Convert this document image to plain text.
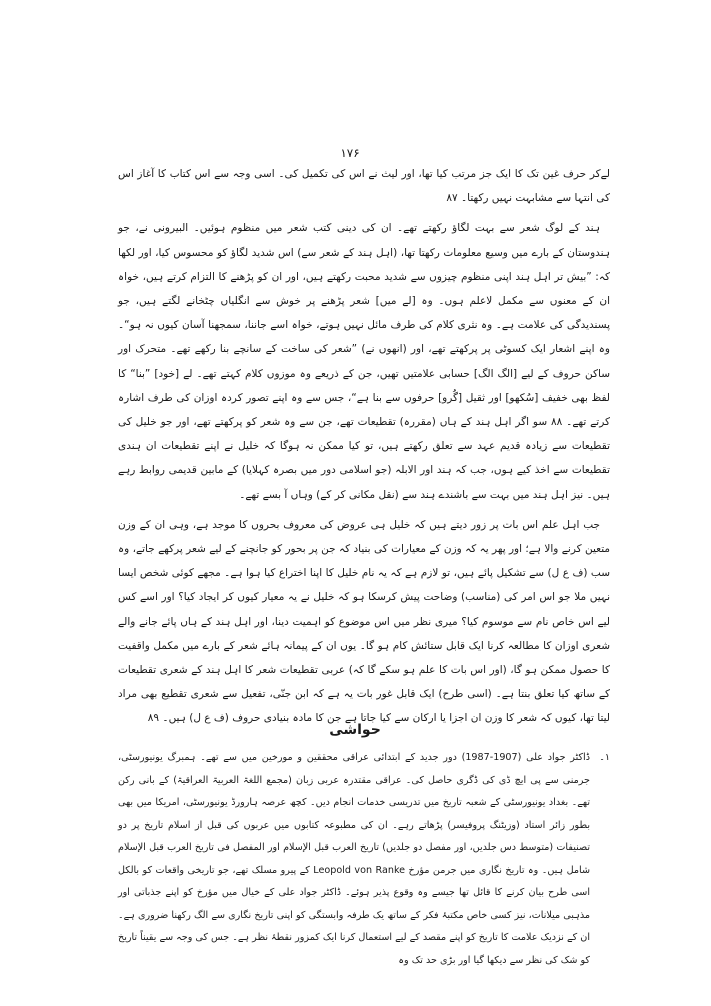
۱۷۶

لےکر حرف غین تک کا ایک جز مرتب کیا تھا، اور لیث نے اس کی تکمیل کی۔ اسی وجہ سے اس کتاب کا آغاز اس کی انتہا سے مشابہت نہیں رکھتا۔ ۸۷

ہند کے لوگ شعر سے بہت لگاؤ رکھتے تھے۔ ان کی دینی کتب شعر میں منظوم ہوئیں۔ البیرونی نے، جو ہندوستان کے بارے میں وسیع معلومات رکھتا تھا، (اہل ہند کے شعر سے) اس شدید لگاؤ کو محسوس کیا، اور لکھا کہ: ”بیش تر اہل ہند اپنی منظوم چیزوں سے شدید محبت رکھتے ہیں، اور ان کو پڑھنے کا التزام کرتے ہیں، خواہ ان کے معنوں سے مکمل لاعلم ہوں۔ وہ [لے میں] شعر پڑھنے پر خوش سے انگلیاں چٹخانے لگتے ہیں، جو پسندیدگی کی علامت ہے۔ وہ نثری کلام کی طرف مائل نہیں ہوتے، خواہ اسے جاننا، سمجھنا آسان کیوں نہ ہو“۔ وہ اپنے اشعار ایک کسوٹی پر پرکھتے تھے، اور (انھوں نے) ”شعر کی ساخت کے سانچے بنا رکھے تھے۔ متحرک اور ساکن حروف کے لیے [الگ الگ] حسابی علامتیں تھیں، جن کے ذریعے وہ موزوں کلام کہتے تھے۔ لے [خود] ”بنا“ کا لفظ بھی خفیف [سُکھو] اور ثقیل [گُرو] حرفوں سے بنا ہے“، جس سے وہ اپنے تصور کردہ اوزان کی طرف اشارہ کرتے تھے۔ ۸۸ سو اگر اہل ہند کے ہاں (مقررہ) تقطیعات تھے، جن سے وہ شعر کو پرکھتے تھے، اور جو خلیل کی تقطیعات سے زیادہ قدیم عہد سے تعلق رکھتے ہیں، تو کیا ممکن نہ ہوگا کہ خلیل نے اپنے تقطیعات ان ہندی تقطیعات سے اخذ کیے ہوں، جب کہ ہند اور الابلہ (جو اسلامی دور میں بصرہ کہلایا) کے مابین قدیمی روابط رہے ہیں۔ نیز اہل ہند میں بہت سے باشندے ہند سے (نقل مکانی کر کے) وہاں آ بسے تھے۔

جب اہل علم اس بات پر زور دیتے ہیں کہ خلیل ہی عروض کی معروف بحروں کا موجد ہے، وہی ان کے وزن متعین کرنے والا ہے؛ اور پھر یہ کہ وزن کے معیارات کی بنیاد کہ جن پر بحور کو جانچنے کے لیے شعر پرکھے جاتے، وہ سب (ف ع ل) سے تشکیل پائے ہیں، تو لازم ہے کہ یہ نام خلیل کا اپنا اختراع کیا ہوا ہے۔ مجھے کوئی شخص ایسا نہیں ملا جو اس امر کی (مناسب) وضاحت پیش کرسکا ہو کہ خلیل نے یہ معیار کیوں کر ایجاد کیا؟ اور اسے کس لیے اس خاص نام سے موسوم کیا؟ میری نظر میں اس موضوع کو اہمیت دینا، اور اہل ہند کے ہاں پائے جانے والے شعری اوزان کا مطالعہ کرنا ایک قابل ستائش کام ہو گا۔ یوں ان کے پیمانہ ہائے شعر کے بارے میں مکمل واقفیت کا حصول ممکن ہو گا، (اور اس بات کا علم ہو سکے گا کہ) عربی تقطیعات شعر کا اہل ہند کے شعری تقطیعات کے ساتھ کیا تعلق بنتا ہے۔ (اسی طرح) ایک قابل غور بات یہ ہے کہ ابن جنّی، تفعیل سے شعری تقطیع بھی مراد لیتا تھا، کیوں کہ شعر کا وزن ان اجزا یا ارکان سے کیا جاتا ہے جن کا مادہ بنیادی حروف (ف ع ل) ہیں۔ ۸۹

حواشی
۱۔
ڈاکٹر جواد علی (1907-1987) دور جدید کے ابتدائی عراقی محققین و مورخین میں سے تھے۔ ہمبرگ یونیورسٹی، جرمنی سے پی ایچ ڈی کی ڈگری حاصل کی۔ عراقی مقتدرہ عربی زبان (مجمع اللغۃ العربیۃ العراقیۃ) کے بانی رکن تھے۔ بغداد یونیورسٹی کے شعبہ تاریخ میں تدریسی خدمات انجام دیں۔ کچھ عرصہ ہارورڈ یونیورسٹی، امریکا میں بھی بطور زائر استاد (وزیٹنگ پروفیسر) پڑھاتے رہے۔ ان کی مطبوعہ کتابوں میں عربوں کی قبل از اسلام تاریخ پر دو تصنیفات (متوسط دس جلدیں، اور مفصل دو جلدیں) تاریخ العرب قبل الإسلام اور المفصل فی تاریخ العرب قبل الإسلام شامل ہیں۔ وہ تاریخ نگاری میں جرمن مؤرخ Leopold von Ranke کے پیرو مسلک تھے، جو تاریخی واقعات کو بالکل اسی طرح بیان کرنے کا قائل تھا جیسے وہ وقوع پذیر ہوئے۔ ڈاکٹر جواد علی کے خیال میں مؤرخ کو اپنے جذباتی اور مذہبی میلانات، نیز کسی خاص مکتبۂ فکر کے ساتھ یک طرفہ وابستگی کو اپنی تاریخ نگاری سے الگ رکھنا ضروری ہے۔ ان کے نزدیک علامت کا تاریخ کو اپنے مقصد کے لیے استعمال کرنا ایک کمزور نقطۂ نظر ہے۔ جس کی وجہ سے یقیناً تاریخ کو شک کی نظر سے دیکھا گیا اور بڑی حد تک وہ
